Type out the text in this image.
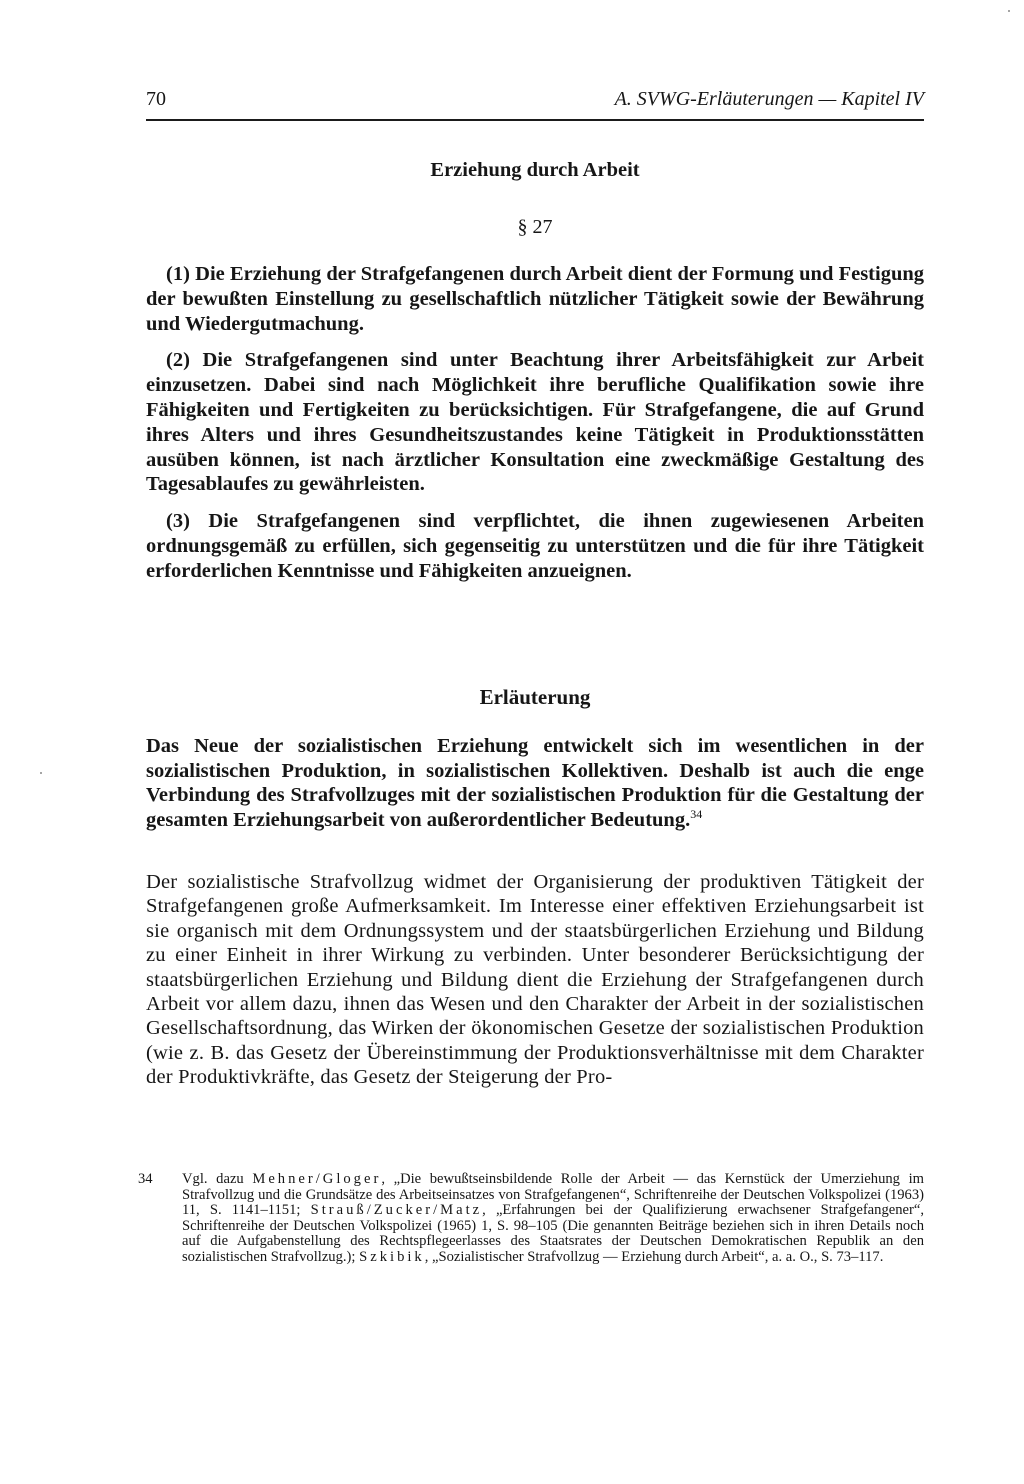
70	A. SVWG-Erläuterungen — Kapitel IV
Erziehung durch Arbeit
§ 27

(1) Die Erziehung der Strafgefangenen durch Arbeit dient der Formung und Festigung der bewußten Einstellung zu gesellschaftlich nützlicher Tätigkeit sowie der Bewährung und Wiedergutmachung.

(2) Die Strafgefangenen sind unter Beachtung ihrer Arbeitsfähigkeit zur Arbeit einzusetzen. Dabei sind nach Möglichkeit ihre berufliche Qualifikation sowie ihre Fähigkeiten und Fertigkeiten zu berücksichtigen. Für Strafgefangene, die auf Grund ihres Alters und ihres Gesundheitszustandes keine Tätigkeit in Produktionsstätten ausüben können, ist nach ärztlicher Konsultation eine zweckmäßige Gestaltung des Tagesablaufes zu gewährleisten.

(3) Die Strafgefangenen sind verpflichtet, die ihnen zugewiesenen Arbeiten ordnungsgemäß zu erfüllen, sich gegenseitig zu unterstützen und die für ihre Tätigkeit erforderlichen Kenntnisse und Fähigkeiten anzueignen.

Erläuterung

Das Neue der sozialistischen Erziehung entwickelt sich im wesentlichen in der sozialistischen Produktion, in sozialistischen Kollektiven. Deshalb ist auch die enge Verbindung des Strafvollzuges mit der sozialistischen Produktion für die Gestaltung der gesamten Erziehungsarbeit von außerordentlicher Bedeutung.$^{34}$

Der sozialistische Strafvollzug widmet der Organisierung der produktiven Tätigkeit der Strafgefangenen große Aufmerksamkeit. Im Interesse einer effektiven Erziehungsarbeit ist sie organisch mit dem Ordnungssystem und der staatsbürgerlichen Erziehung und Bildung zu einer Einheit in ihrer Wirkung zu verbinden. Unter besonderer Berücksichtigung der staatsbürgerlichen Erziehung und Bildung dient die Erziehung der Strafgefangenen durch Arbeit vor allem dazu, ihnen das Wesen und den Charakter der Arbeit in der sozialistischen Gesellschaftsordnung, das Wirken der ökonomischen Gesetze der sozialistischen Produktion (wie z. B. das Gesetz der Übereinstimmung der Produktionsverhältnisse mit dem Charakter der Produktivkräfte, das Gesetz der Steigerung der Pro-

34 Vgl. dazu Mehner/Gloger, „Die bewußtseinsbildende Rolle der Arbeit — das Kernstück der Umerziehung im Strafvollzug und die Grundsätze des Arbeitseinsatzes von Strafgefangenen“, Schriftenreihe der Deutschen Volkspolizei (1963) 11, S. 1141–1151; Strauß/Zucker/Matz, „Erfahrungen bei der Qualifizierung erwachsener Strafgefangener“, Schriftenreihe der Deutschen Volkspolizei (1965) 1, S. 98–105 (Die genannten Beiträge beziehen sich in ihren Details noch auf die Aufgabenstellung des Rechtspflegeerlasses des Staatsrates der Deutschen Demokratischen Republik an den sozialistischen Strafvollzug.); Szkibik, „Sozialistischer Strafvollzug — Erziehung durch Arbeit“, a. a. O., S. 73–117.
